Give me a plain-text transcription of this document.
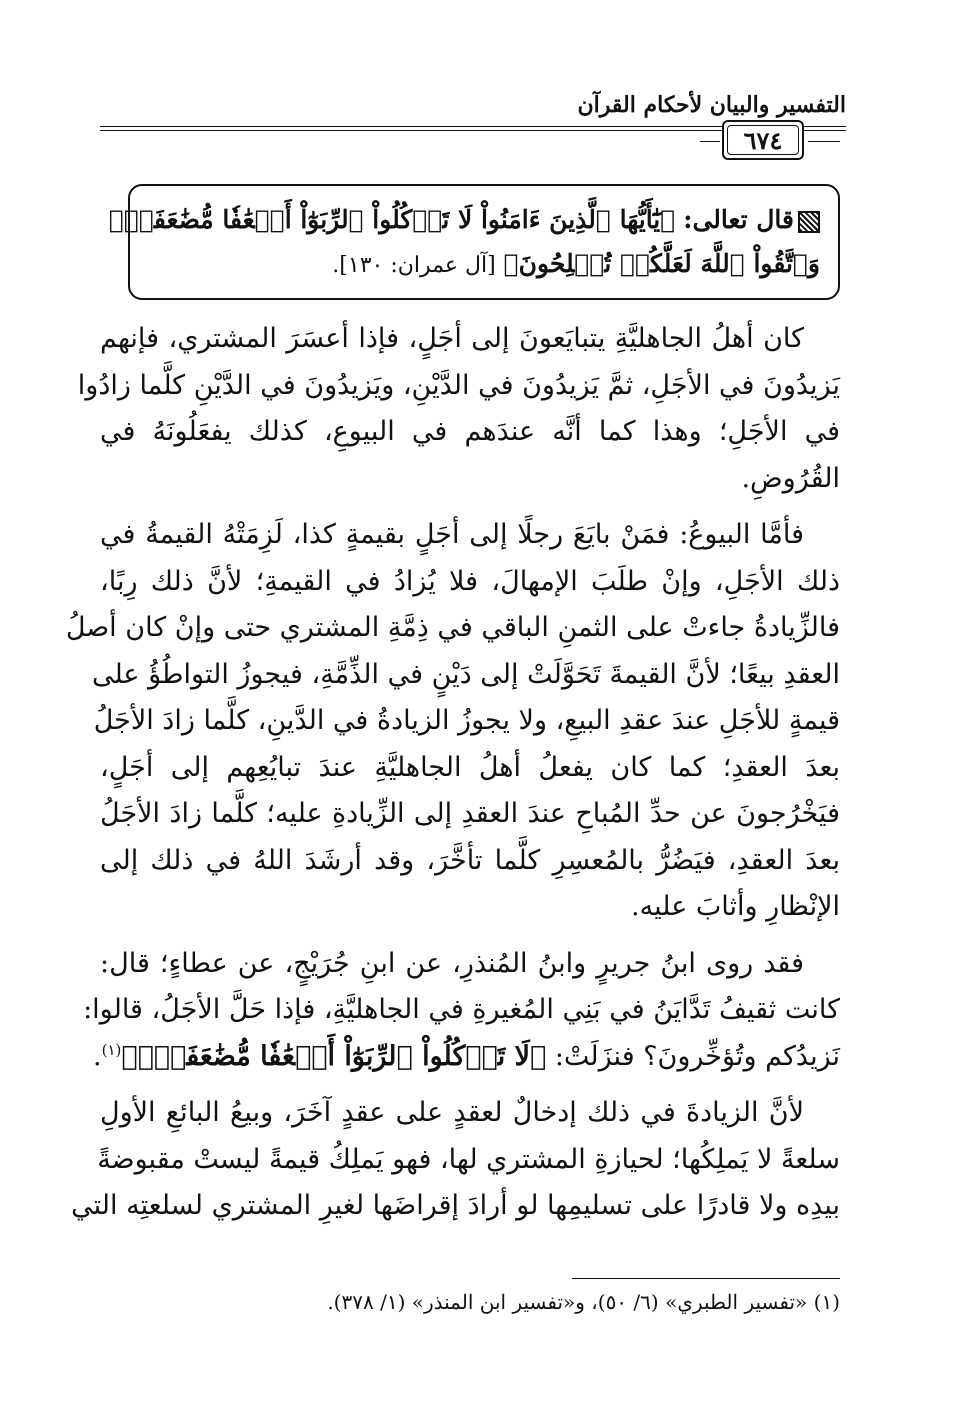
التفسير والبيان لأحكام القرآن
٦٧٤
قال تعالى: ﴿يَٰٓأَيُّهَا ٱلَّذِينَ ءَامَنُواْ لَا تَأۡكُلُواْ ٱلرِّبَوٰٓاْ أَضۡعَٰفٗا مُّضَٰعَفَةٗۖ
وَٱتَّقُواْ ٱللَّهَ لَعَلَّكُمۡ تُفۡلِحُونَ﴾ [آل عمران: ١٣٠].
كان أهلُ الجاهليَّةِ يتبايَعونَ إلى أجَلٍ، فإذا أعسَرَ المشتري، فإنهم
يَزيدُونَ في الأجَلِ، ثمَّ يَزيدُونَ في الدَّيْنِ، ويَزيدُونَ في الدَّيْنِ كلَّما زادُوا
في الأجَلِ؛ وهذا كما أنَّه عندَهم في البيوعِ، كذلك يفعَلُونَهُ في
القُرُوضِ.
فأمَّا البيوعُ: فمَنْ بايَعَ رجلًا إلى أجَلٍ بقيمةٍ كذا، لَزِمَتْهُ القيمةُ في
ذلك الأجَلِ، وإنْ طلَبَ الإمهالَ، فلا يُزادُ في القيمةِ؛ لأنَّ ذلك رِبًا،
فالزِّيادةُ جاءتْ على الثمنِ الباقي في ذِمَّةِ المشتري حتى وإنْ كان أصلُ
العقدِ بيعًا؛ لأنَّ القيمةَ تَحَوَّلَتْ إلى دَيْنٍ في الذِّمَّةِ، فيجوزُ التواطُؤُ على
قيمةٍ للأجَلِ عندَ عقدِ البيعِ، ولا يجوزُ الزيادةُ في الدَّينِ، كلَّما زادَ الأجَلُ
بعدَ العقدِ؛ كما كان يفعلُ أهلُ الجاهليَّةِ عندَ تبايُعِهم إلى أجَلٍ،
فيَخْرُجونَ عن حدِّ المُباحِ عندَ العقدِ إلى الزِّيادةِ عليه؛ كلَّما زادَ الأجَلُ
بعدَ العقدِ، فيَضُرُّ بالمُعسِرِ كلَّما تأخَّرَ، وقد أرشَدَ اللهُ في ذلك إلى
الإنْظارِ وأثابَ عليه.
فقد روى ابنُ جريرٍ وابنُ المُنذرِ، عن ابنِ جُرَيْجٍ، عن عطاءٍ؛ قال:
كانت ثقيفُ تَدَّايَنُ في بَنِي المُغيرةِ في الجاهليَّةِ، فإذا حَلَّ الأجَلُ، قالوا:
نَزيدُكم وتُؤخِّرونَ؟ فنزَلَتْ: ﴿لَا تَأۡكُلُواْ ٱلرِّبَوٰٓاْ أَضۡعَٰفٗا مُّضَٰعَفَةٗۖ﴾$^{(١)}$.
لأنَّ الزيادةَ في ذلك إدخالٌ لعقدٍ على عقدٍ آخَرَ، وبيعُ البائعِ الأولِ
سلعةً لا يَملِكُها؛ لحيازةِ المشتري لها، فهو يَملِكُ قيمةً ليستْ مقبوضةً
بيدِه ولا قادرًا على تسليمِها لو أرادَ إقراضَها لغيرِ المشتري لسلعتِه التي
(١) «تفسير الطبري» (٦/ ٥٠)، و«تفسير ابن المنذر» (١/ ٣٧٨).
